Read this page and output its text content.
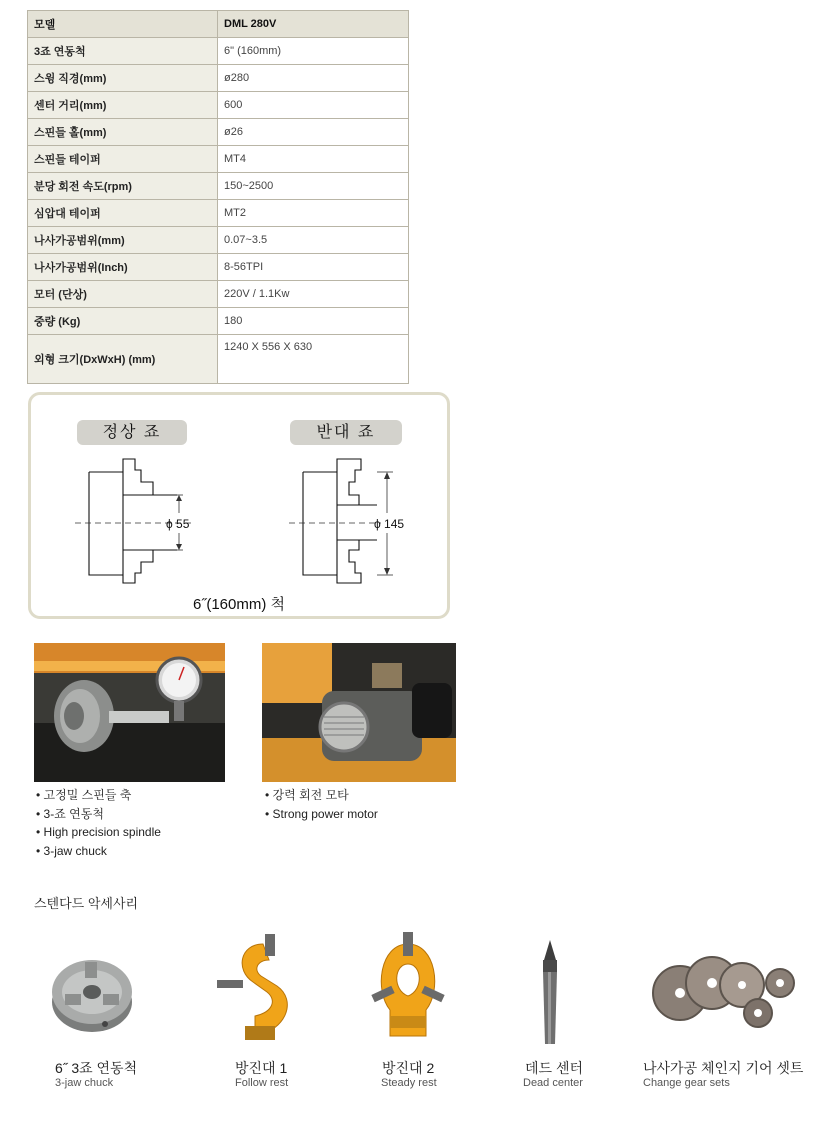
모델	DML 280V
3죠 연동척	6" (160mm)
스윙 직경(mm)	ø280
센터 거리(mm)	600
스핀들 홀(mm)	ø26
스핀들 테이퍼	MT4
분당 회전 속도(rpm)	150~2500
심압대 테이퍼	MT2
나사가공범위(mm)	0.07~3.5
나사가공범위(Inch)	8-56TPI
모터 (단상)	220V / 1.1Kw
중량 (Kg)	180
외형 크기(DxWxH) (mm)	1240 X 556 X 630
ϕ 55	ϕ 145
정상 죠	반대 죠
6˝(160mm) 척
• 고정밀 스핀들 축
• 3-죠 연동척
• High precision spindle
• 3-jaw chuck
• 강력 회전 모타
• Strong power motor
스텐다드 악세사리
6˝ 3죠 연동척
3-jaw chuck
방진대 1
Follow rest
방진대 2
Steady rest
데드 센터
Dead center
나사가공 체인지 기어 셋트
Change gear sets
